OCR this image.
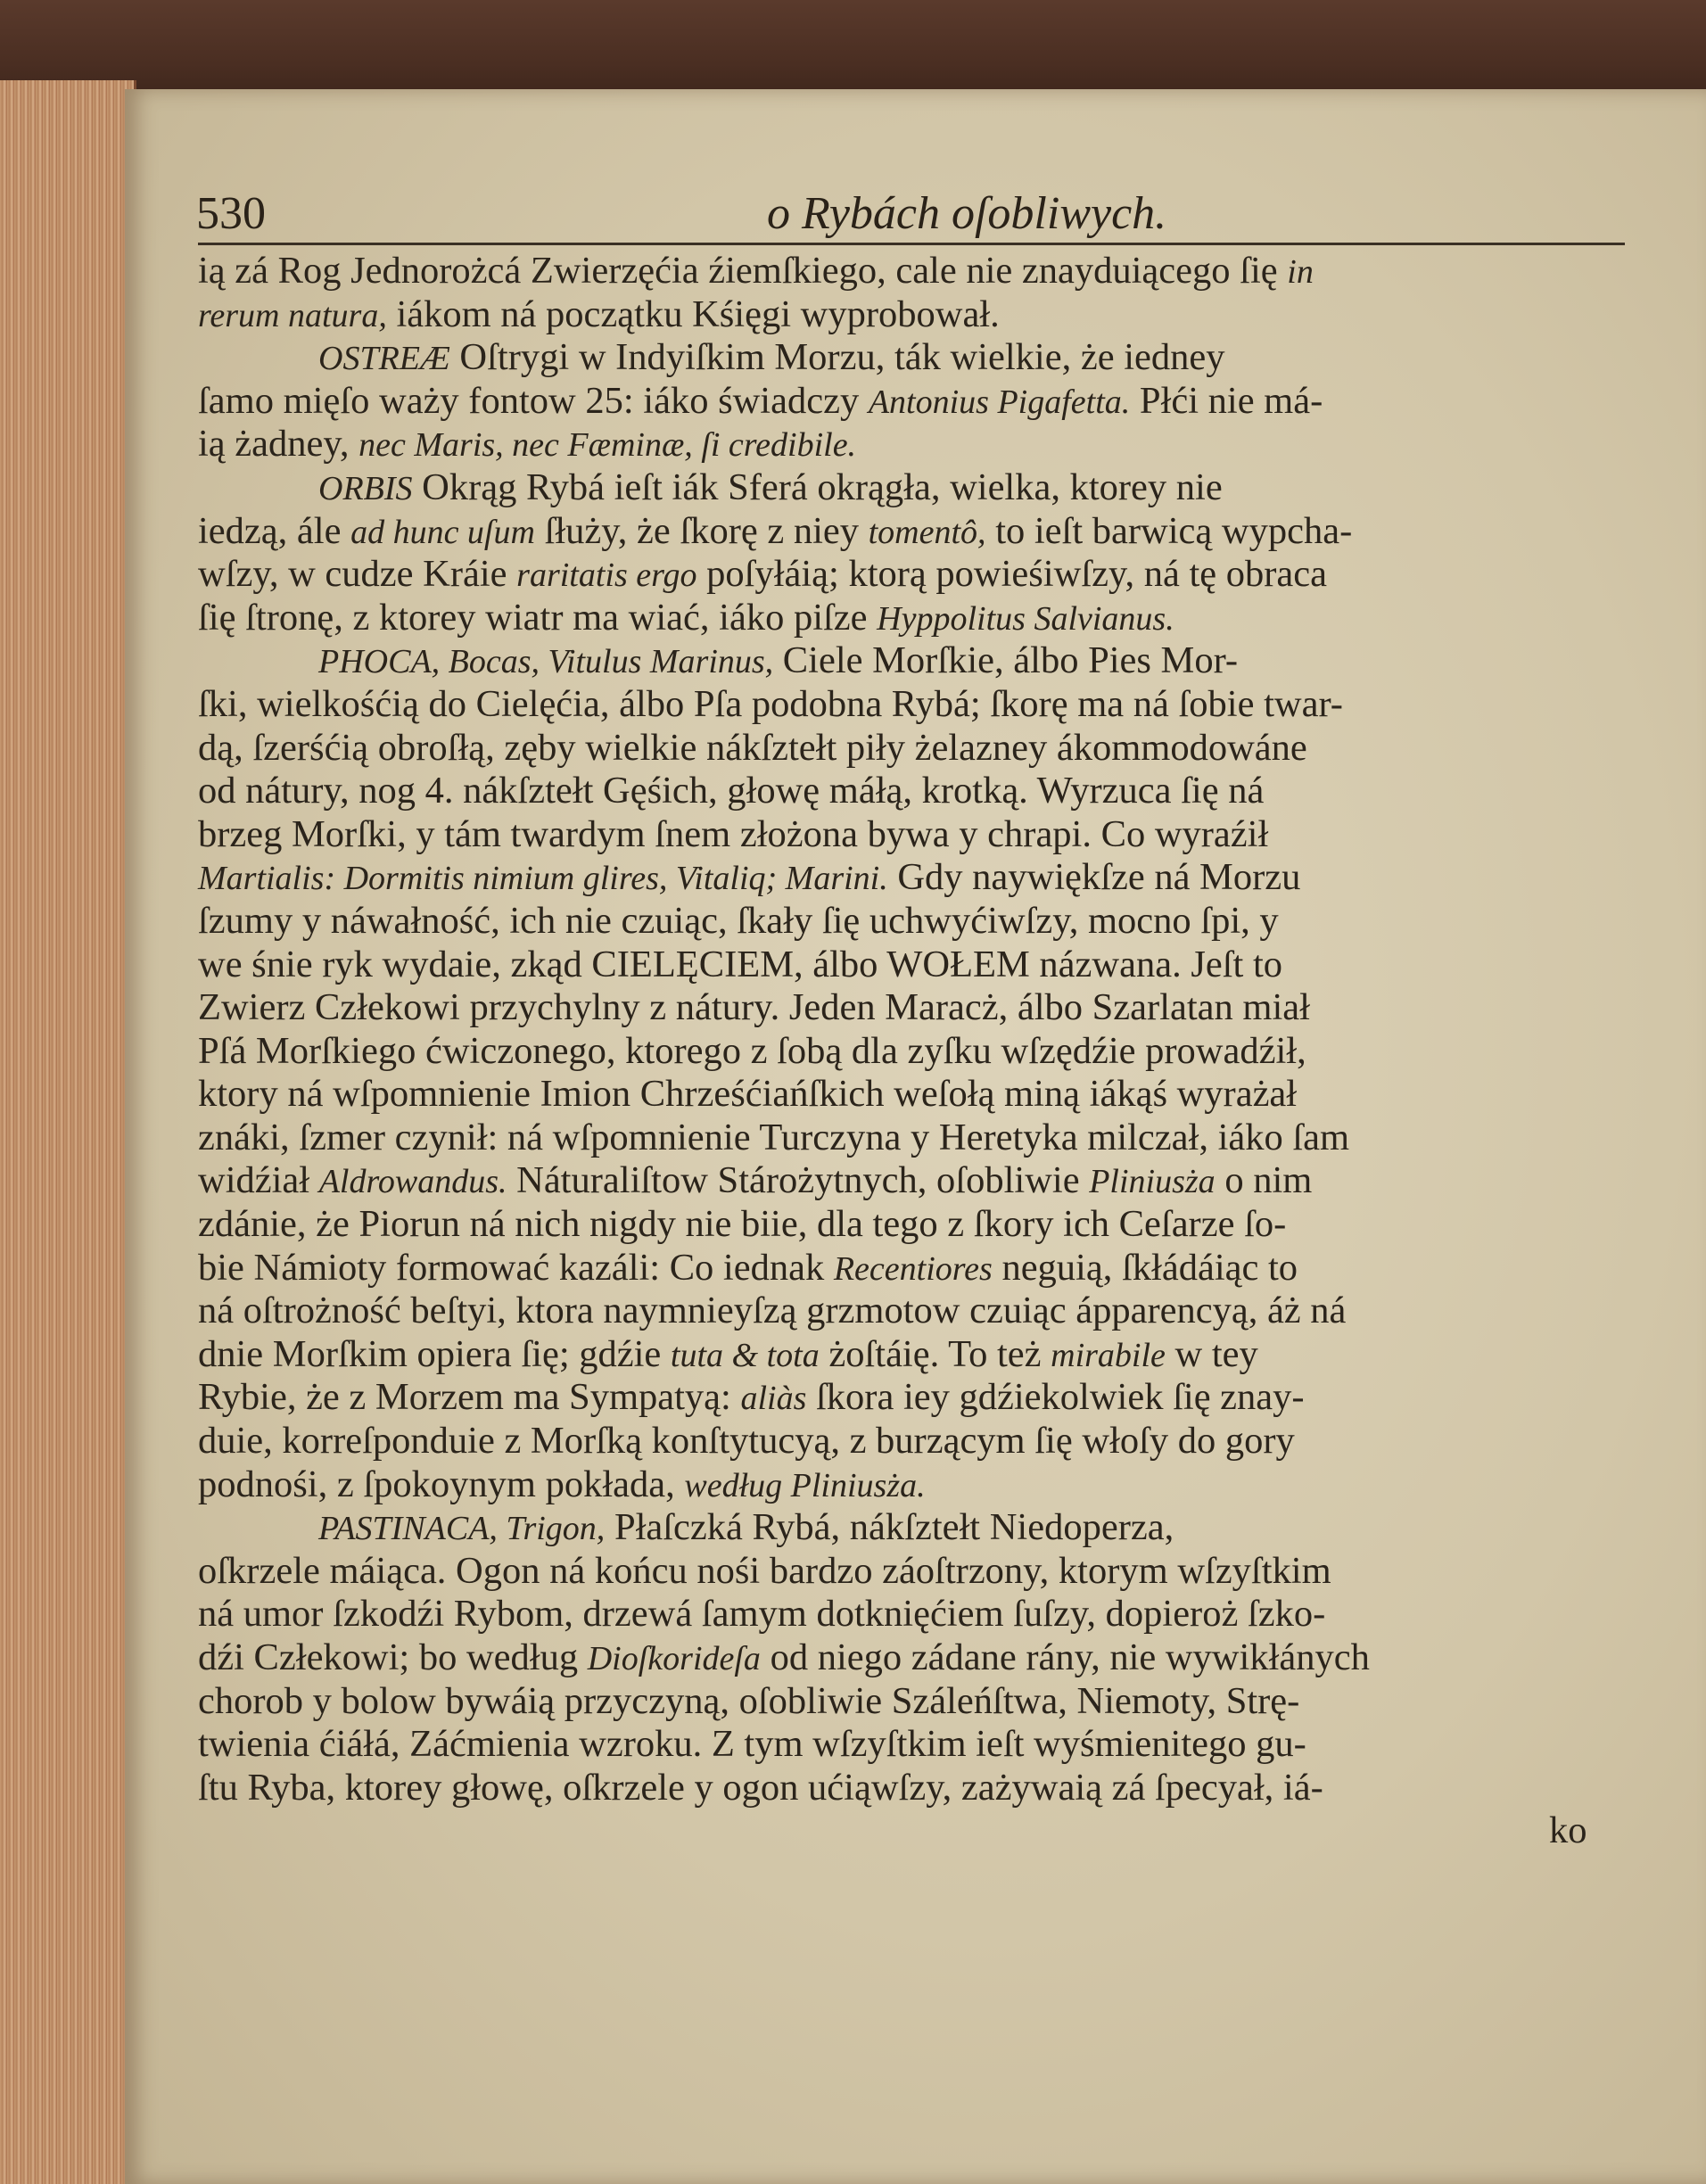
530	o Rybách oſobliwych.
ią zá Rog Jednorożcá Zwierzęćia źiemſkiego, cale nie znayduiącego ſię in
rerum natura, iákom ná początku Kśięgi wyprobował.
OSTREÆ Oſtrygi w Indyiſkim Morzu, ták wielkie, że iedney
ſamo mięſo waży fontow 25: iáko świadczy Antonius Pigafetta. Płći nie má-
ią żadney, nec Maris, nec Fæminæ, ſi credibile.
ORBIS Okrąg Rybá ieſt iák Sferá okrągła, wielka, ktorey nie
iedzą, ále ad hunc uſum ſłuży, że ſkorę z niey tomentô, to ieſt barwicą wypcha-
wſzy, w cudze Kráie raritatis ergo poſyłáią; ktorą powieśiwſzy, ná tę obraca
ſię ſtronę, z ktorey wiatr ma wiać, iáko piſze Hyppolitus Salvianus.
PHOCA, Bocas, Vitulus Marinus, Ciele Morſkie, álbo Pies Mor-
ſki, wielkośćią do Cielęćia, álbo Pſa podobna Rybá; ſkorę ma ná ſobie twar-
dą, ſzerśćią obroſłą, zęby wielkie nákſztełt piły żelazney ákommodowáne
od nátury, nog 4. nákſztełt Gęśich, głowę máłą, krotką. Wyrzuca ſię ná
brzeg Morſki, y tám twardym ſnem złożona bywa y chrapi. Co wyraźił
Martialis: Dormitis nimium glires, Vitaliq; Marini. Gdy naywiękſze ná Morzu
ſzumy y náwałność, ich nie czuiąc, ſkały ſię uchwyćiwſzy, mocno ſpi, y
we śnie ryk wydaie, zkąd CIELĘCIEM, álbo WOŁEM názwana. Jeſt to
Zwierz Człekowi przychylny z nátury. Jeden Maracż, álbo Szarlatan miał
Pſá Morſkiego ćwiczonego, ktorego z ſobą dla zyſku wſzędźie prowadźił,
ktory ná wſpomnienie Imion Chrześćiańſkich weſołą miną iákąś wyrażał
znáki, ſzmer czynił: ná wſpomnienie Turczyna y Heretyka milczał, iáko ſam
widźiał Aldrowandus. Náturaliſtow Stárożytnych, oſobliwie Pliniusża o nim
zdánie, że Piorun ná nich nigdy nie biie, dla tego z ſkory ich Ceſarze ſo-
bie Námioty formować kazáli: Co iednak Recentiores neguią, ſkłádáiąc to
ná oſtrożność beſtyi, ktora naymnieyſzą grzmotow czuiąc ápparencyą, áż ná
dnie Morſkim opiera ſię; gdźie tuta & tota żoſtáię. To też mirabile w tey
Rybie, że z Morzem ma Sympatyą: aliàs ſkora iey gdźiekolwiek ſię znay-
duie, korreſponduie z Morſką konſtytucyą, z burzącym ſię włoſy do gory
podnośi, z ſpokoynym pokłada, według Pliniusża.
PASTINACA, Trigon, Płaſczká Rybá, nákſztełt Niedoperza,
oſkrzele máiąca. Ogon ná końcu nośi bardzo záoſtrzony, ktorym wſzyſtkim
ná umor ſzkodźi Rybom, drzewá ſamym dotknięćiem ſuſzy, dopieroż ſzko-
dźi Człekowi; bo według Dioſkorideſa od niego zádane rány, nie wywikłánych
chorob y bolow bywáią przyczyną, oſobliwie Száleńſtwa, Niemoty, Strę-
twienia ćiáłá, Záćmienia wzroku. Z tym wſzyſtkim ieſt wyśmienitego gu-
ſtu Ryba, ktorey głowę, oſkrzele y ogon ućiąwſzy, zażywaią zá ſpecyał, iá-
ko
